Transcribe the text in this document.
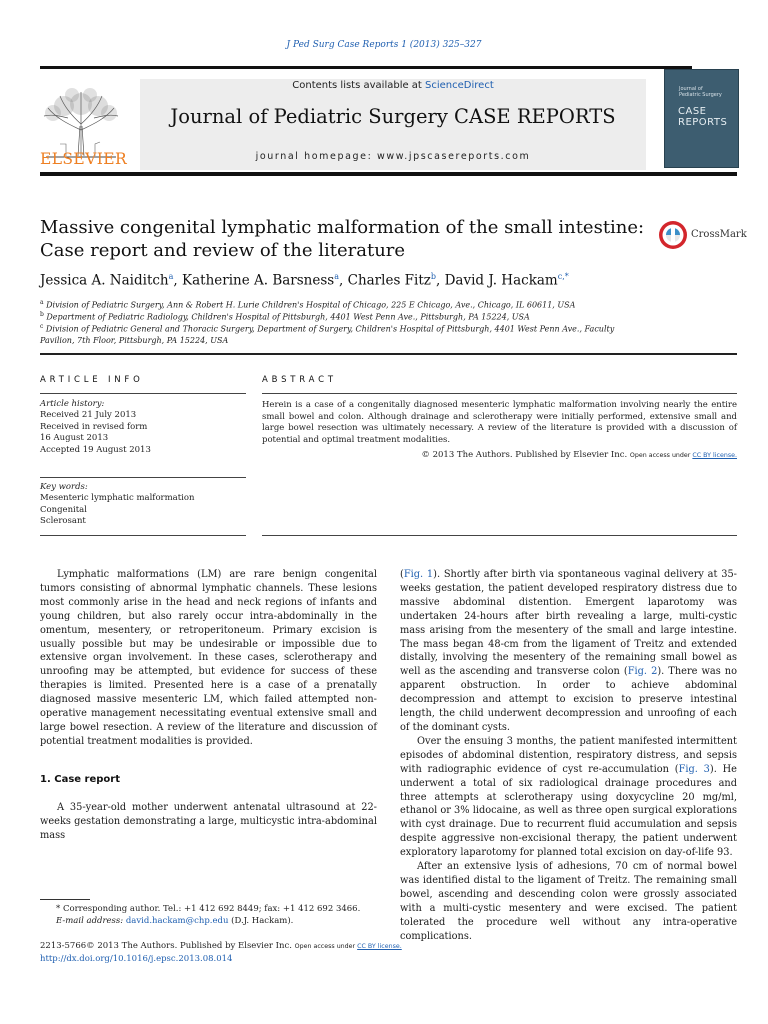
J Ped Surg Case Reports 1 (2013) 325–327
Contents lists available at ScienceDirect
Journal of Pediatric Surgery CASE REPORTS
journal homepage: www.jpscasereports.com
ELSEVIER
Journal of
Pediatric Surgery
CASE
REPORTS
Massive congenital lymphatic malformation of the small intestine:
Case report and review of the literature
CrossMark
Jessica A. Naiditch$^a$, Katherine A. Barsness$^a$, Charles Fitz$^b$, David J. Hackam$^{c,*}$
$^a$ Division of Pediatric Surgery, Ann & Robert H. Lurie Children's Hospital of Chicago, 225 E Chicago, Ave., Chicago, IL 60611, USA
$^b$ Department of Pediatric Radiology, Children's Hospital of Pittsburgh, 4401 West Penn Ave., Pittsburgh, PA 15224, USA
$^c$ Division of Pediatric General and Thoracic Surgery, Department of Surgery, Children's Hospital of Pittsburgh, 4401 West Penn Ave., Faculty Pavilion, 7th Floor, Pittsburgh, PA 15224, USA
ARTICLE INFO
Article history:
Received 21 July 2013
Received in revised form
16 August 2013
Accepted 19 August 2013
Key words:
Mesenteric lymphatic malformation
Congenital
Sclerosant
ABSTRACT
Herein is a case of a congenitally diagnosed mesenteric lymphatic malformation involving nearly the entire small bowel and colon. Although drainage and sclerotherapy were initially performed, extensive small and large bowel resection was ultimately necessary. A review of the literature is provided with a discussion of potential and optimal treatment modalities.
© 2013 The Authors. Published by Elsevier Inc. Open access under CC BY license.

Lymphatic malformations (LM) are rare benign congenital tumors consisting of abnormal lymphatic channels. These lesions most commonly arise in the head and neck regions of infants and young children, but also rarely occur intra-abdominally in the omentum, mesentery, or retroperitoneum. Primary excision is usually possible but may be undesirable or impossible due to extensive organ involvement. In these cases, sclerotherapy and unroofing may be attempted, but evidence for success of these therapies is limited. Presented here is a case of a prenatally diagnosed massive mesenteric LM, which failed attempted non-operative management necessitating eventual extensive small and large bowel resection. A review of the literature and discussion of potential treatment modalities is provided.

1. Case report

A 35-year-old mother underwent antenatal ultrasound at 22-weeks gestation demonstrating a large, multicystic intra-abdominal mass

* Corresponding author. Tel.: +1 412 692 8449; fax: +1 412 692 3466.
E-mail address: david.hackam@chp.edu (D.J. Hackam).
2213-5766© 2013 The Authors. Published by Elsevier Inc. Open access under CC BY license.
http://dx.doi.org/10.1016/j.epsc.2013.08.014

(Fig. 1). Shortly after birth via spontaneous vaginal delivery at 35-weeks gestation, the patient developed respiratory distress due to massive abdominal distention. Emergent laparotomy was undertaken 24-hours after birth revealing a large, multi-cystic mass arising from the mesentery of the small and large intestine. The mass began 48-cm from the ligament of Treitz and extended distally, involving the mesentery of the remaining small bowel as well as the ascending and transverse colon (Fig. 2). There was no apparent obstruction. In order to achieve abdominal decompression and attempt to excision to preserve intestinal length, the child underwent decompression and unroofing of each of the dominant cysts.

Over the ensuing 3 months, the patient manifested intermittent episodes of abdominal distention, respiratory distress, and sepsis with radiographic evidence of cyst re-accumulation (Fig. 3). He underwent a total of six radiological drainage procedures and three attempts at sclerotherapy using doxycycline 20 mg/ml, ethanol or 3% lidocaine, as well as three open surgical explorations with cyst drainage. Due to recurrent fluid accumulation and sepsis despite aggressive non-excisional therapy, the patient underwent exploratory laparotomy for planned total excision on day-of-life 93.

After an extensive lysis of adhesions, 70 cm of normal bowel was identified distal to the ligament of Treitz. The remaining small bowel, ascending and descending colon were grossly associated with a multi-cystic mesentery and were excised. The patient tolerated the procedure well without any intra-operative complications.
